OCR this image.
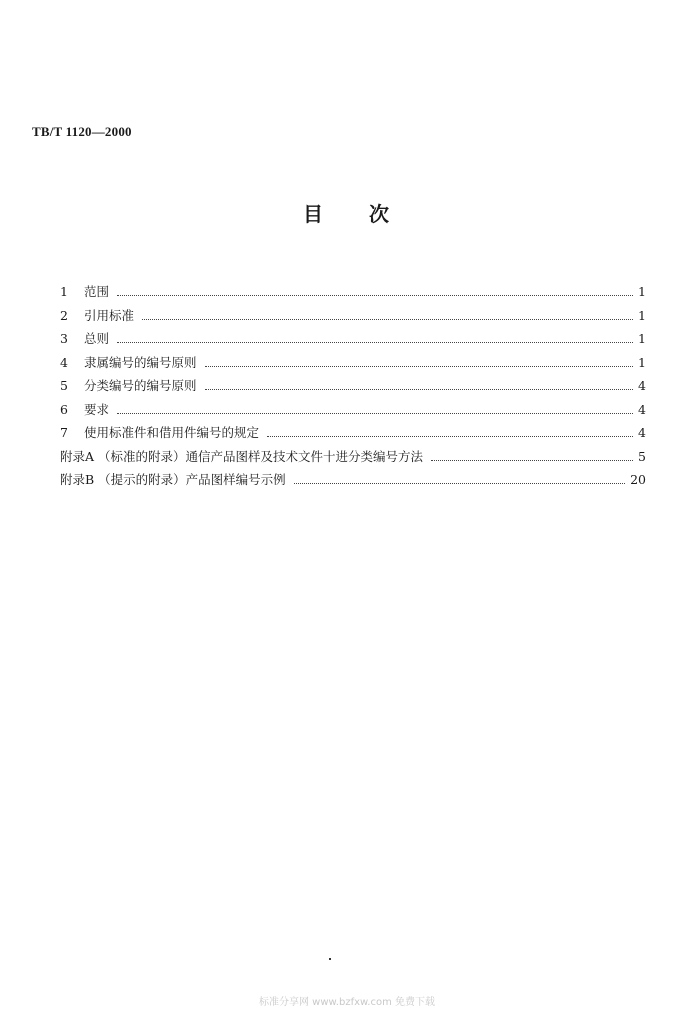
TB/T 1120—2000
目 次
1	范围	1
2	引用标准	1
3	总则	1
4	隶属编号的编号原则	1
5	分类编号的编号原则	4
6	要求	4
7	使用标准件和借用件编号的规定	4
附录A （标准的附录）通信产品图样及技术文件十进分类编号方法	5
附录B （提示的附录）产品图样编号示例	20
标准分享网 www.bzfxw.com 免费下载
